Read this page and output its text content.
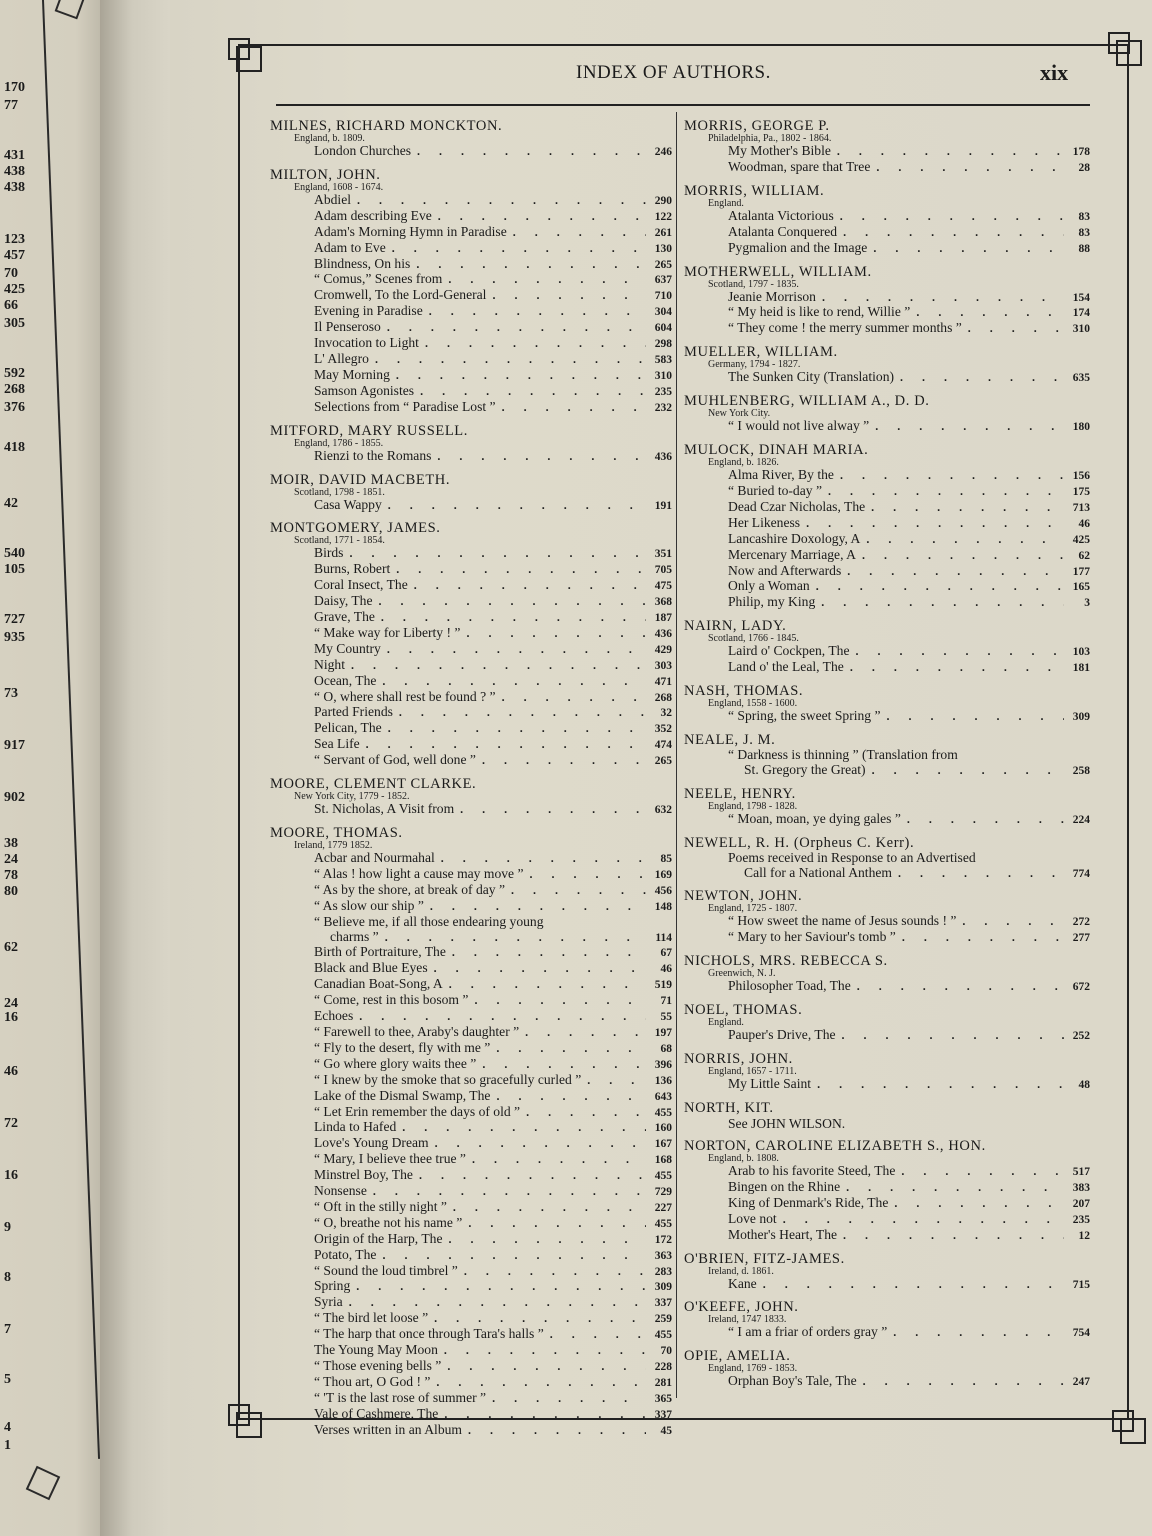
170
77
431
438
438
123
457
70
425
66
305
592
268
376
418
42
540
105
727
935
73
917
902
38
24
78
80
62
24
16
46
72
16
9
8
7
5
4
1
INDEX OF AUTHORS.	xix
MILNES, RICHARD MONCKTON.
England, b. 1809.
London Churches . . .	246
MILTON, JOHN.
England, 1608 - 1674.
Abdiel . . .	290
Adam describing Eve . . .	122
Adam's Morning Hymn in Paradise . . .	261
Adam to Eve . . .	130
Blindness, On his . . .	265
“ Comus,” Scenes from . . .	637
Cromwell, To the Lord-General . . .	710
Evening in Paradise . . .	304
Il Penseroso . . .	604
Invocation to Light . . .	298
L' Allegro . . .	583
May Morning . . .	310
Samson Agonistes . . .	235
Selections from “ Paradise Lost ” . . .	232
MITFORD, MARY RUSSELL.
England, 1786 - 1855.
Rienzi to the Romans . . .	436
MOIR, DAVID MACBETH.
Scotland, 1798 - 1851.
Casa Wappy . . .	191
MONTGOMERY, JAMES.
Scotland, 1771 - 1854.
Birds . . .	351
Burns, Robert . . .	705
Coral Insect, The . . .	475
Daisy, The . . .	368
Grave, The . . .	187
“ Make way for Liberty ! ” . . .	436
My Country . . .	429
Night . . .	303
Ocean, The . . .	471
“ O, where shall rest be found ? ” . . .	268
Parted Friends . . .	32
Pelican, The . . .	352
Sea Life . . .	474
“ Servant of God, well done ” . . .	265
MOORE, CLEMENT CLARKE.
New York City, 1779 - 1852.
St. Nicholas, A Visit from . . .	632
MOORE, THOMAS.
Ireland, 1779 1852.
Acbar and Nourmahal . . .	85
“ Alas ! how light a cause may move ” . . .	169
“ As by the shore, at break of day ” . . .	456
“ As slow our ship ” . . .	148
“ Believe me, if all those endearing young
charms ” . . .	114
Birth of Portraiture, The . . .	67
Black and Blue Eyes . . .	46
Canadian Boat-Song, A . . .	519
“ Come, rest in this bosom ” . . .	71
Echoes . . .	55
“ Farewell to thee, Araby's daughter ” . . .	197
“ Fly to the desert, fly with me ” . . .	68
“ Go where glory waits thee ” . . .	396
“ I knew by the smoke that so gracefully curled ” . . .	136
Lake of the Dismal Swamp, The . . .	643
“ Let Erin remember the days of old ” . . .	455
Linda to Hafed . . .	160
Love's Young Dream . . .	167
“ Mary, I believe thee true ” . . .	168
Minstrel Boy, The . . .	455
Nonsense . . .	729
“ Oft in the stilly night ” . . .	227
“ O, breathe not his name ” . . .	455
Origin of the Harp, The . . .	172
Potato, The . . .	363
“ Sound the loud timbrel ” . . .	283
Spring . . .	309
Syria . . .	337
“ The bird let loose ” . . .	259
“ The harp that once through Tara's halls ” . . .	455
The Young May Moon . . .	70
“ Those evening bells ” . . .	228
“ Thou art, O God ! ” . . .	281
“ 'T is the last rose of summer ” . . .	365
Vale of Cashmere, The . . .	337
Verses written in an Album . . .	45
MORRIS, GEORGE P.
Philadelphia, Pa., 1802 - 1864.
My Mother's Bible . . .	178
Woodman, spare that Tree . . .	28
MORRIS, WILLIAM.
England.
Atalanta Victorious . . .	83
Atalanta Conquered . . .	83
Pygmalion and the Image . . .	88
MOTHERWELL, WILLIAM.
Scotland, 1797 - 1835.
Jeanie Morrison . . .	154
“ My heid is like to rend, Willie ” . . .	174
“ They come ! the merry summer months ” . . .	310
MUELLER, WILLIAM.
Germany, 1794 - 1827.
The Sunken City (Translation) . . .	635
MUHLENBERG, WILLIAM A., D. D.
New York City.
“ I would not live alway ” . . .	180
MULOCK, DINAH MARIA.
England, b. 1826.
Alma River, By the . . .	156
“ Buried to-day ” . . .	175
Dead Czar Nicholas, The . . .	713
Her Likeness . . .	46
Lancashire Doxology, A . . .	425
Mercenary Marriage, A . . .	62
Now and Afterwards . . .	177
Only a Woman . . .	165
Philip, my King . . .	3
NAIRN, LADY.
Scotland, 1766 - 1845.
Laird o' Cockpen, The . . .	103
Land o' the Leal, The . . .	181
NASH, THOMAS.
England, 1558 - 1600.
“ Spring, the sweet Spring ” . . .	309
NEALE, J. M.
“ Darkness is thinning ” (Translation from
St. Gregory the Great) . . .	258
NEELE, HENRY.
England, 1798 - 1828.
“ Moan, moan, ye dying gales ” . . .	224
NEWELL, R. H. (Orpheus C. Kerr).
Poems received in Response to an Advertised
Call for a National Anthem . . .	774
NEWTON, JOHN.
England, 1725 - 1807.
“ How sweet the name of Jesus sounds ! ” . . .	272
“ Mary to her Saviour's tomb ” . . .	277
NICHOLS, MRS. REBECCA S.
Greenwich, N. J.
Philosopher Toad, The . . .	672
NOEL, THOMAS.
England.
Pauper's Drive, The . . .	252
NORRIS, JOHN.
England, 1657 - 1711.
My Little Saint . . .	48
NORTH, KIT.
See JOHN WILSON.
NORTON, CAROLINE ELIZABETH S., HON.
England, b. 1808.
Arab to his favorite Steed, The . . .	517
Bingen on the Rhine . . .	383
King of Denmark's Ride, The . . .	207
Love not . . .	235
Mother's Heart, The . . .	12
O'BRIEN, FITZ-JAMES.
Ireland, d. 1861.
Kane . . .	715
O'KEEFE, JOHN.
Ireland, 1747 1833.
“ I am a friar of orders gray ” . . .	754
OPIE, AMELIA.
England, 1769 - 1853.
Orphan Boy's Tale, The . . .	247
